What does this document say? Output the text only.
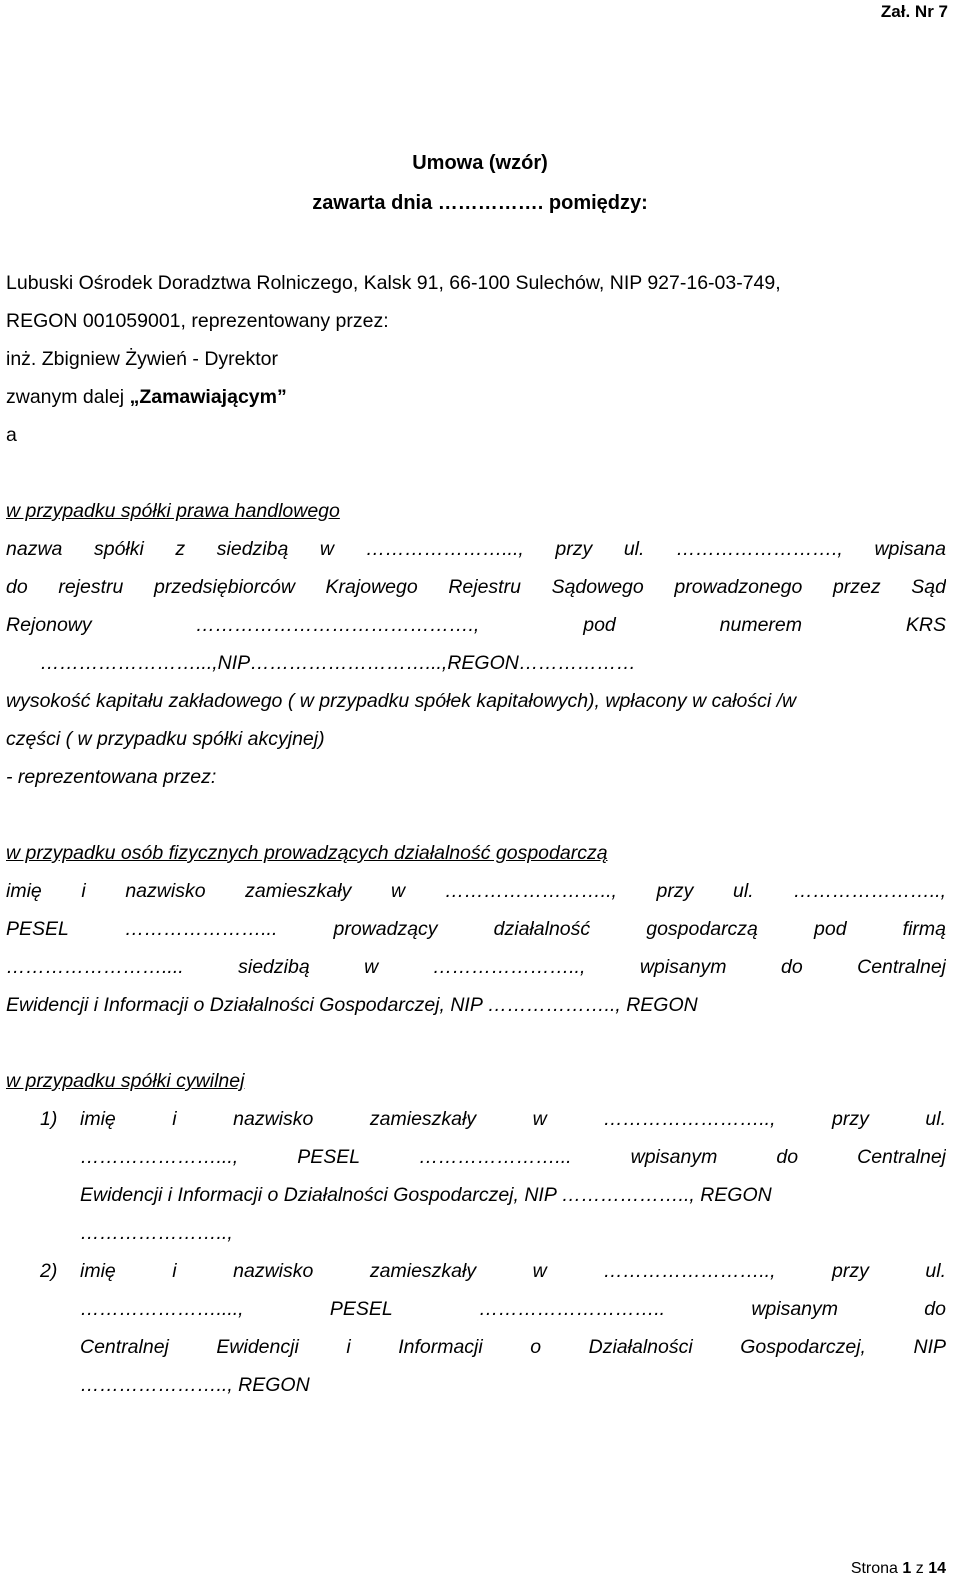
Zał. Nr 7
Umowa (wzór)
zawarta dnia ……………. pomiędzy:
Lubuski Ośrodek Doradztwa Rolniczego, Kalsk 91, 66-100 Sulechów, NIP 927-16-03-749,
REGON 001059001, reprezentowany przez:
inż. Zbigniew Żywień - Dyrektor
zwanym dalej „Zamawiającym”
a
w przypadku spółki prawa handlowego
nazwa spółki z siedzibą w …………………..., przy ul. ……………………., wpisana
do rejestru przedsiębiorców Krajowego Rejestru Sądowego prowadzonego przez Sąd
Rejonowy ……………………………………., pod numerem KRS
……………………...,NIP………………………...,REGON………………
wysokość kapitału zakładowego ( w przypadku spółek kapitałowych), wpłacony w całości /w
części ( w przypadku spółki akcyjnej)
- reprezentowana przez:
w przypadku osób fizycznych prowadzących działalność gospodarczą
imię i nazwisko zamieszkały w …………………….., przy ul. …………………..,
PESEL …………………... prowadzący działalność gospodarczą pod firmą
…………………….... siedzibą w ………………….., wpisanym do Centralnej
Ewidencji i Informacji o Działalności Gospodarczej, NIP ……………….., REGON
w przypadku spółki cywilnej
1) imię i nazwisko zamieszkały w …………………….., przy ul.
…………………..., PESEL …………………... wpisanym do Centralnej
Ewidencji i Informacji o Działalności Gospodarczej, NIP ……………….., REGON
…………………..,
2) imię i nazwisko zamieszkały w …………………….., przy ul.
…………………...., PESEL ……………………….. wpisanym do
Centralnej Ewidencji i Informacji o Działalności Gospodarczej, NIP
………………….., REGON
Strona 1 z 14
